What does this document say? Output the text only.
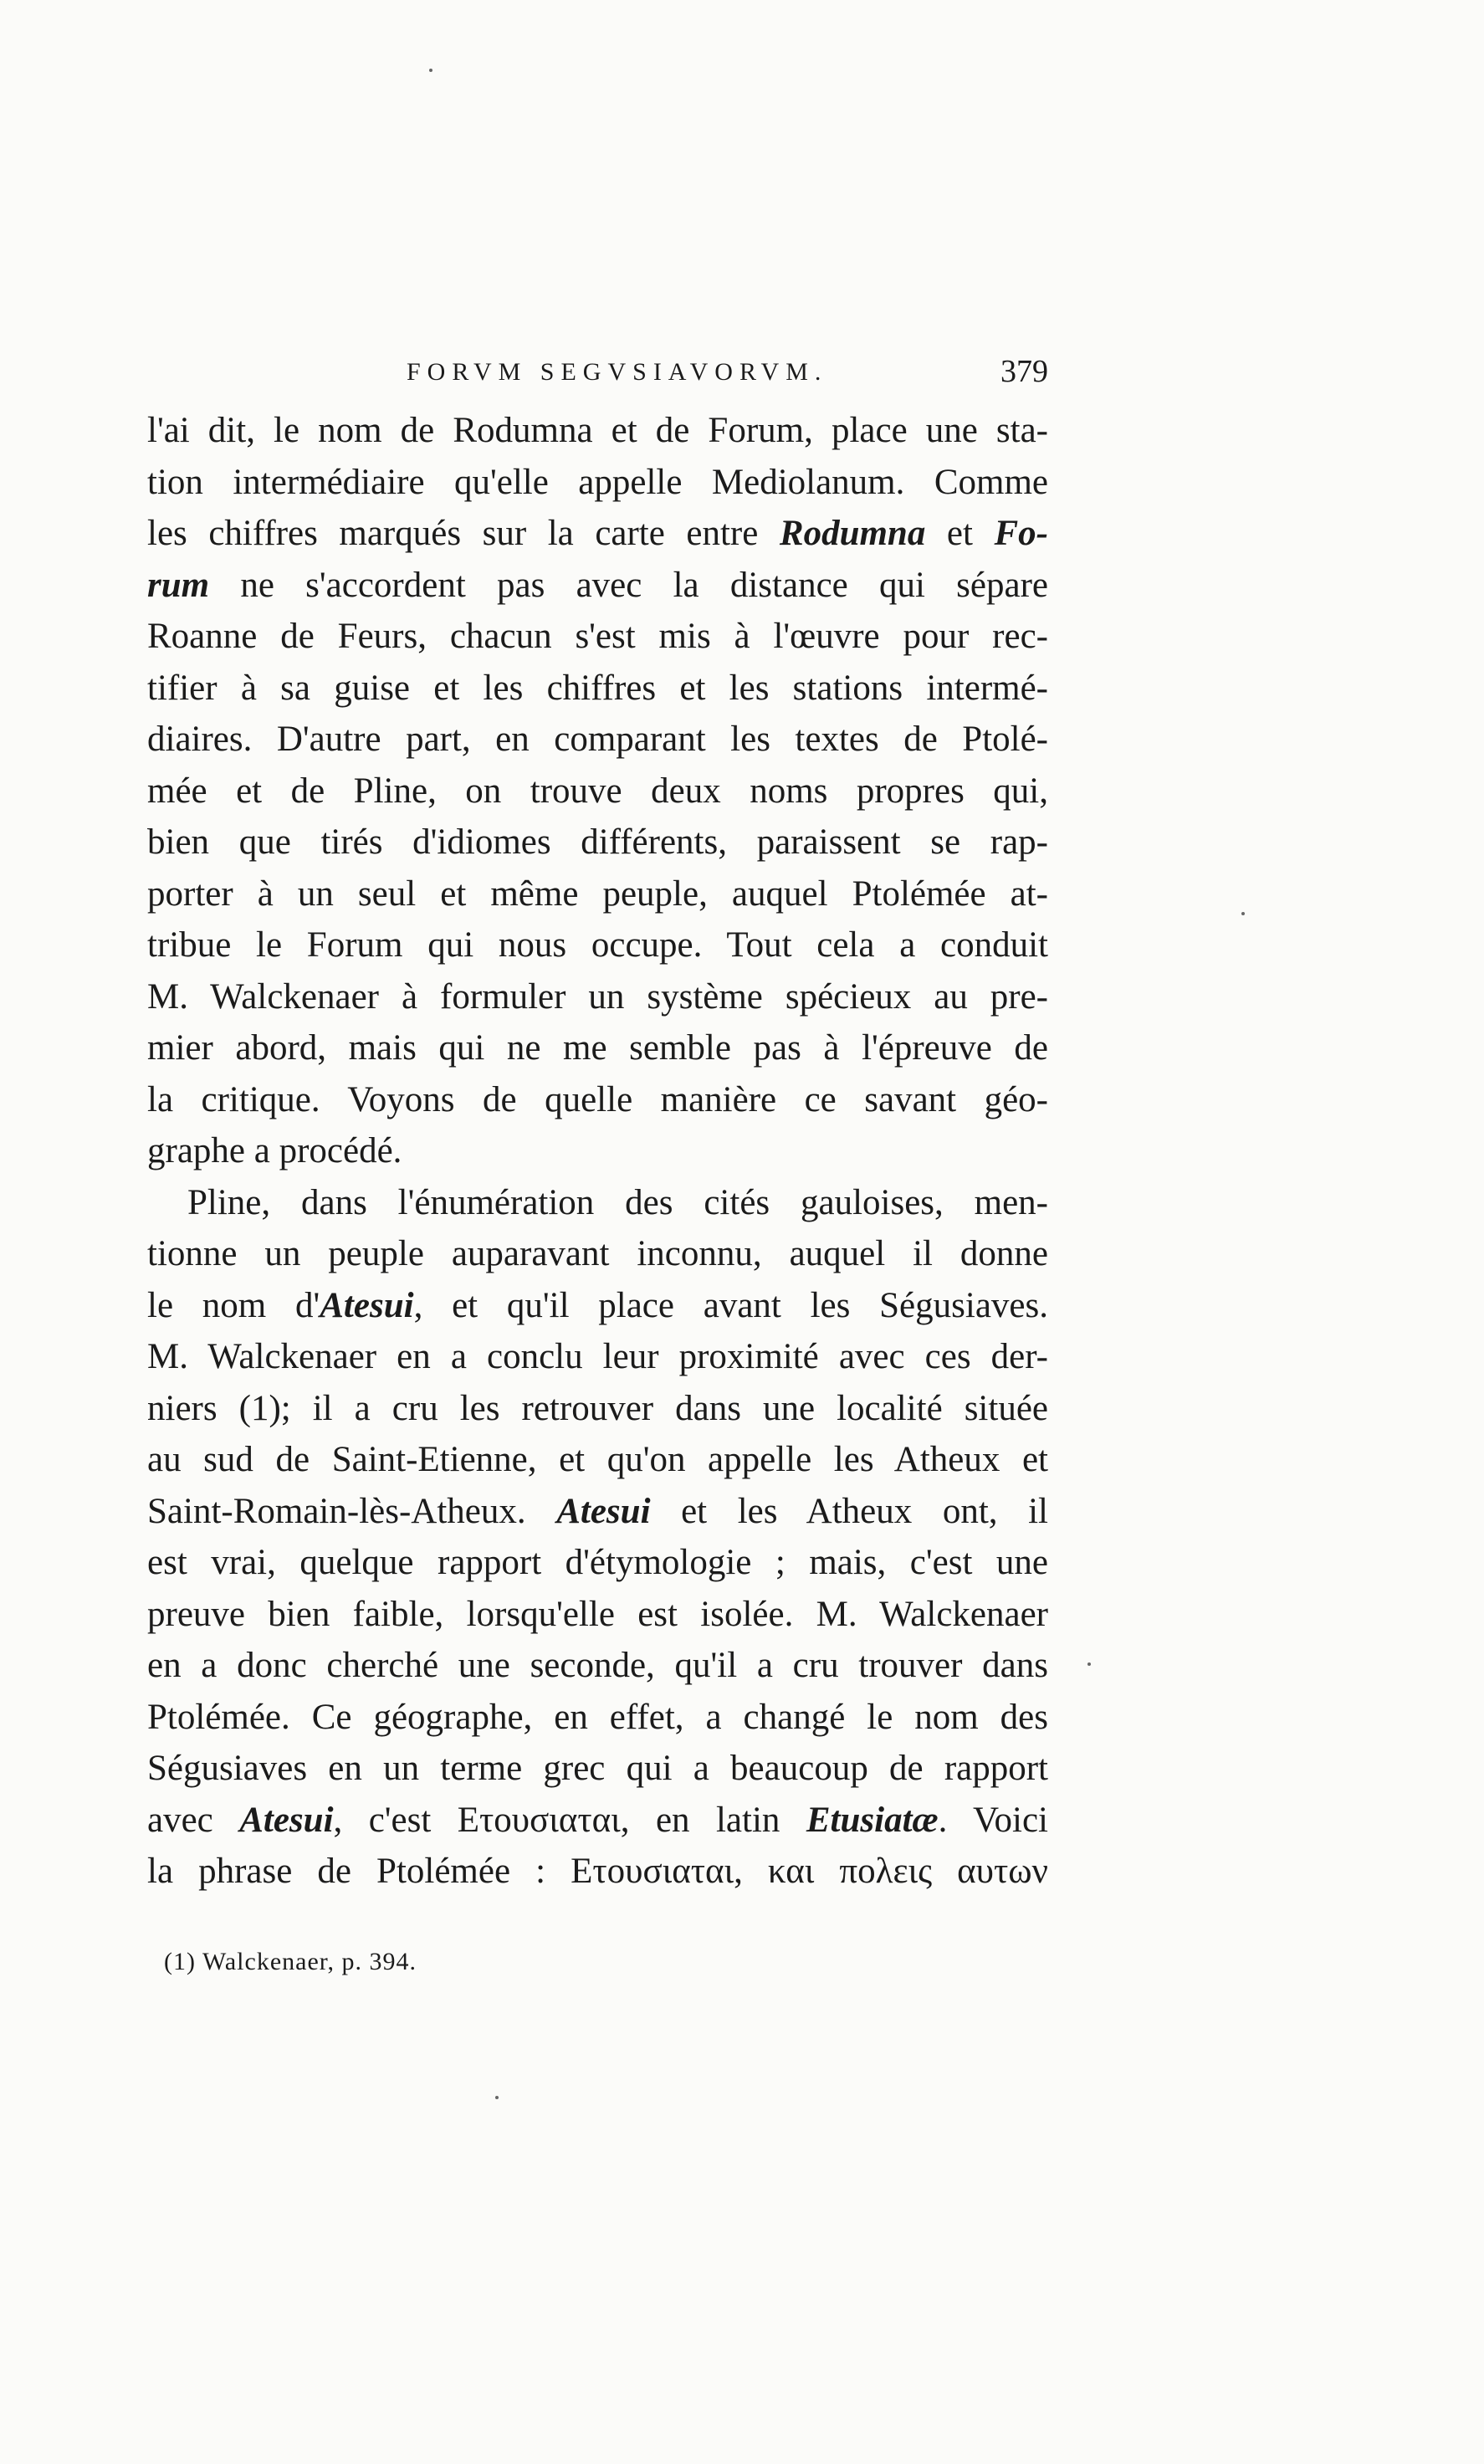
FORVM SEGVSIAVORVM.	379
l'ai dit, le nom de Rodumna et de Forum, place une sta-
tion intermédiaire qu'elle appelle Mediolanum. Comme
les chiffres marqués sur la carte entre Rodumna et Fo-
rum ne s'accordent pas avec la distance qui sépare
Roanne de Feurs, chacun s'est mis à l'œuvre pour rec-
tifier à sa guise et les chiffres et les stations intermé-
diaires. D'autre part, en comparant les textes de Ptolé-
mée et de Pline, on trouve deux noms propres qui,
bien que tirés d'idiomes différents, paraissent se rap-
porter à un seul et même peuple, auquel Ptolémée at-
tribue le Forum qui nous occupe. Tout cela a conduit
M. Walckenaer à formuler un système spécieux au pre-
mier abord, mais qui ne me semble pas à l'épreuve de
la critique. Voyons de quelle manière ce savant géo-
graphe a procédé.
Pline, dans l'énumération des cités gauloises, men-
tionne un peuple auparavant inconnu, auquel il donne
le nom d'Atesui, et qu'il place avant les Ségusiaves.
M. Walckenaer en a conclu leur proximité avec ces der-
niers (1); il a cru les retrouver dans une localité située
au sud de Saint-Etienne, et qu'on appelle les Atheux et
Saint-Romain-lès-Atheux. Atesui et les Atheux ont, il
est vrai, quelque rapport d'étymologie ; mais, c'est une
preuve bien faible, lorsqu'elle est isolée. M. Walckenaer
en a donc cherché une seconde, qu'il a cru trouver dans
Ptolémée. Ce géographe, en effet, a changé le nom des
Ségusiaves en un terme grec qui a beaucoup de rapport
avec Atesui, c'est Ετουσιαται, en latin Etusiatæ. Voici
la phrase de Ptolémée : Ετουσιαται, και πολεις αυτων
(1) Walckenaer, p. 394.
